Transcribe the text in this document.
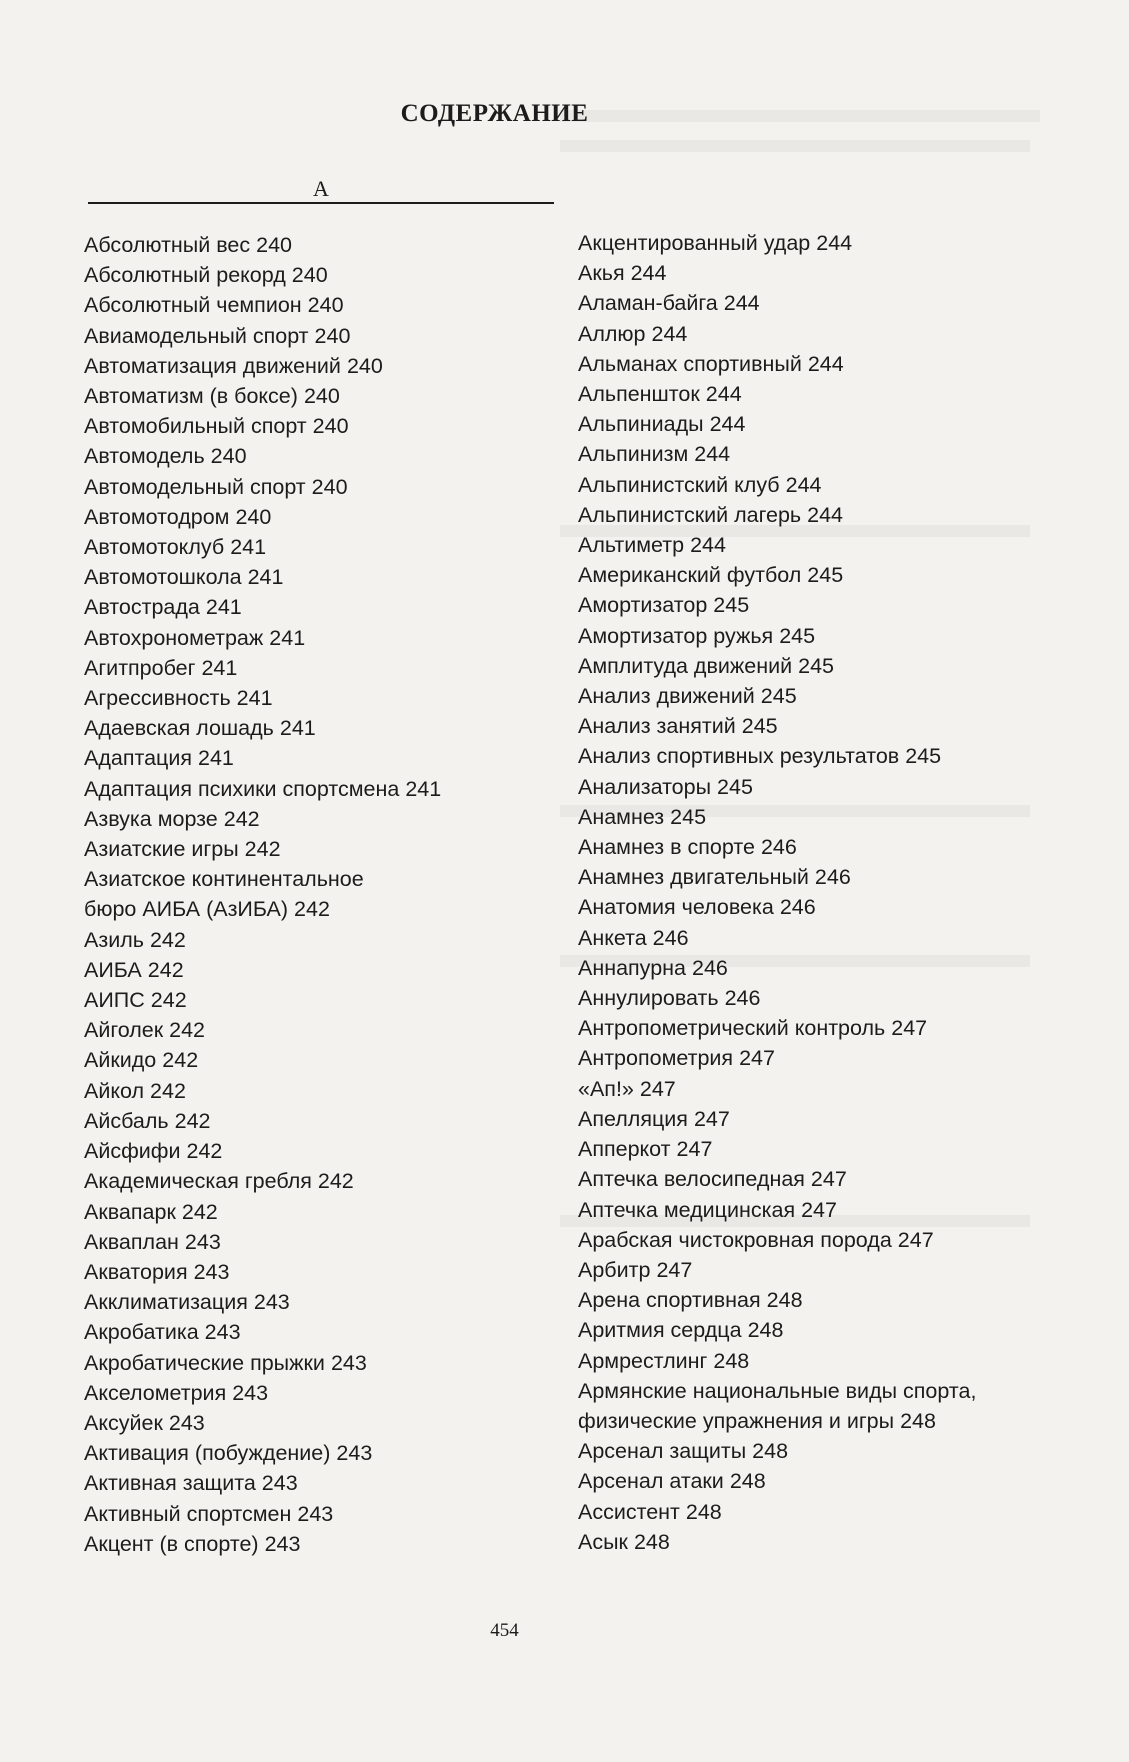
СОДЕРЖАНИЕ
А
Абсолютный вес 240
Абсолютный рекорд 240
Абсолютный чемпион 240
Авиамодельный спорт 240
Автоматизация движений 240
Автоматизм (в боксе) 240
Автомобильный спорт 240
Автомодель 240
Автомодельный спорт 240
Автомотодром 240
Автомотоклуб 241
Автомотошкола 241
Автострада 241
Автохронометраж 241
Агитпробег 241
Агрессивность 241
Адаевская лошадь 241
Адаптация 241
Адаптация психики спортсмена 241
Азвука морзе 242
Азиатские игры 242
Азиатское континентальное
бюро АИБА (АзИБА) 242
Азиль 242
АИБА 242
АИПС 242
Айголек 242
Айкидо 242
Айкол 242
Айсбаль 242
Айсфифи 242
Академическая гребля 242
Аквапарк 242
Акваплан 243
Акватория 243
Акклиматизация 243
Акробатика 243
Акробатические прыжки 243
Акселометрия 243
Аксуйек 243
Активация (побуждение) 243
Активная защита 243
Активный спортсмен 243
Акцент (в спорте) 243
Акцентированный удар 244
Акья 244
Аламан-байга 244
Аллюр 244
Альманах спортивный 244
Альпеншток 244
Альпиниады 244
Альпинизм 244
Альпинистский клуб 244
Альпинистский лагерь 244
Альтиметр 244
Американский футбол 245
Амортизатор 245
Амортизатор ружья 245
Амплитуда движений 245
Анализ движений 245
Анализ занятий 245
Анализ спортивных результатов 245
Анализаторы 245
Анамнез 245
Анамнез в спорте 246
Анамнез двигательный 246
Анатомия человека 246
Анкета 246
Аннапурна 246
Аннулировать 246
Антропометрический контроль 247
Антропометрия 247
«Ап!» 247
Апелляция 247
Апперкот 247
Аптечка велосипедная 247
Аптечка медицинская 247
Арабская чистокровная порода 247
Арбитр 247
Арена спортивная 248
Аритмия сердца 248
Армрестлинг 248
Армянские национальные виды спорта,
физические упражнения и игры 248
Арсенал защиты 248
Арсенал атаки 248
Ассистент 248
Асык 248
454
